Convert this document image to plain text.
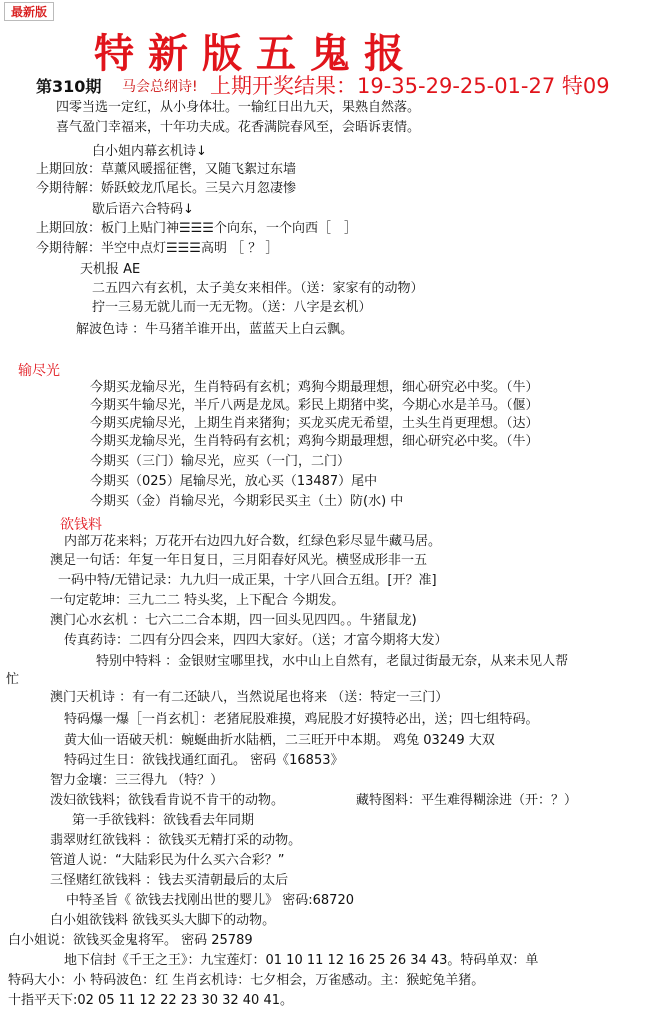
最新版
特新版五鬼报
第310期 马会总纲诗! 上期开奖结果：19-35-29-25-01-27 特09
四零当选一定红，从小身体壮。一输红日出九天，果熟自然落。
喜气盈门幸福来，十年功夫成。花香满院春风至，会晤诉衷情。
白小姐内幕玄机诗↓
上期回放：草薰风暖摇征辔，又随飞絮过东墙
今期待解：娇跃蛟龙爪尾长。三吴六月忽凄惨
歇后语六合特码↓
上期回放：板门上贴门神☰☰☰个向东，一个向西［　］
今期待解：半空中点灯☰☰☰高明 ［ ？ ］
天机报 AE
二五四六有玄机，太子美女来相伴。（送：家家有的动物）
拧一三易无就儿而一无无物。（送：八字是玄机）
解波色诗 ：牛马猪羊谁开出，蓝蓝天上白云飘。
输尽光
今期买龙输尽光，生肖特码有玄机；鸡狗今期最理想，细心研究必中奖。（牛）
今期买牛输尽光，半斤八两是龙凤。彩民上期猪中奖，今期心水是羊马。（偃）
今期买虎输尽光，上期生肖来猪狗；买龙买虎无希望，土头生肖更理想。（达）
今期买龙输尽光，生肖特码有玄机；鸡狗今期最理想，细心研究必中奖。（牛）
今期买（三门）输尽光，应买（一门，二门）
今期买（025）尾输尽光，放心买（13487）尾中
今期买（金）肖输尽光，今期彩民买主（土）防(水) 中
欲钱料
内部万花来料；万花开右边四九好合数，红绿色彩尽显牛藏马居。
澳足一句话：年复一年日复日，三月阳春好风光。横竖成形非一五
一码中特/无错记录：九九归一成正果，十字八回合五组。[开？准]
一句定乾坤：三九二二 特头奖，上下配合 今期发。
澳门心水玄机 ：七六二二合本期，四一回头见四四。。牛猪鼠龙)
传真药诗：二四有分四会来，四四大家好。（送；才富今期将大发）
特别中特料 ：金银财宝哪里找，水中山上自然有，老鼠过街最无奈，从来未见人帮
忙
澳门天机诗 ：有一有二还缺八，当然说尾也将来 （送：特定一三门）
特码爆一爆［一肖玄机］：老猪屁股难摸，鸡屁股才好摸特必出，送；四七组特码。
黄大仙一语破天机：蜿蜒曲折水陆栖，二三旺开中本期。 鸡兔 03249 大双
特码过生日：欲钱找通红面孔。 密码《16853》
智力金壤：三三得九 （特？）
泼妇欲钱料；欲钱看肯说不肯干的动物。	藏特图料：平生难得糊涂进（开：？）
第一手欲钱料：欲钱看去年同期
翡翠财红欲钱料 ：欲钱买无精打采的动物。
管道人说：“大陆彩民为什么买六合彩？”
三怪赌红欲钱料 ：钱去买清朝最后的太后
中特圣旨《 欲钱去找刚出世的婴儿》 密码:68720
白小姐欲钱料 欲钱买头大脚下的动物。
白小姐说：欲钱买金鬼将军。 密码 25789
地下信封《千王之王》：九宝莲灯：01 10 11 12 16 25 26 34 43。特码单双：单
特码大小：小 特码波色：红 生肖玄机诗：七夕相会，万雀感动。主：猴蛇兔羊猪。
十指平天下:02 05 11 12 22 23 30 32 40 41。
